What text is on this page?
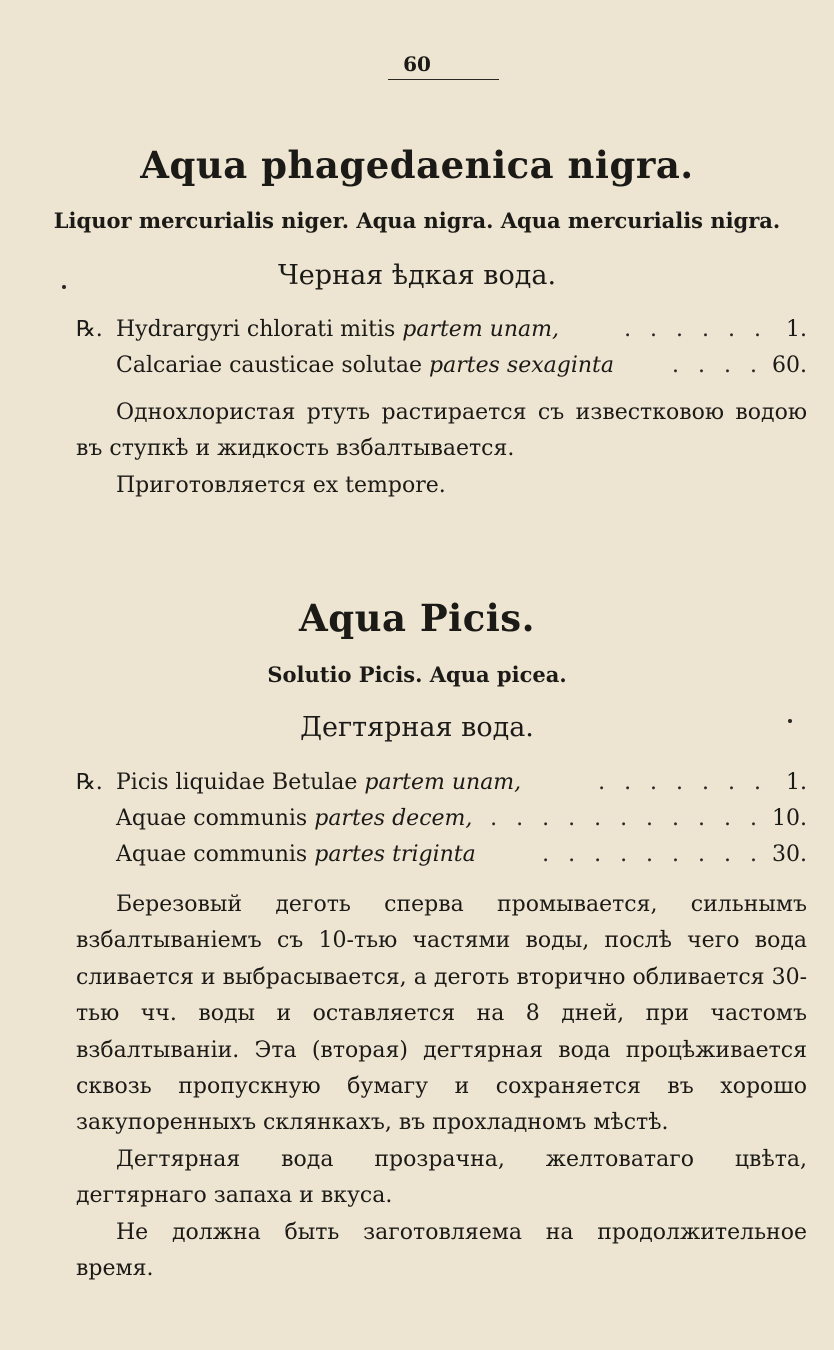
60
Aqua phagedaenica nigra.
Liquor mercurialis niger. Aqua nigra. Aqua mercurialis nigra.
Черная ѣдкая вода.
. . . . . .
℞. Hydrargyri chlorati mitis partem unam,	1.
. . . .
Calcariae causticae solutae partes sexaginta	60.

Однохлористая ртуть растирается съ известковою водою въ ступкѣ и жидкость взбалтывается.

Приготовляется ex tempore.

Aqua Picis.
Solutio Picis. Aqua picea.
Дегтярная вода.
. . . . . . .
℞. Picis liquidae Betulae partem unam,	1.
. . . . . . . . . . .
Aquae communis partes decem,	10.
. . . . . . . . .
Aquae communis partes triginta	30.

Березовый деготь сперва промывается, сильнымъ взбалтываніемъ съ 10-тью частями воды, послѣ чего вода сливается и выбрасывается, а деготь вторично обливается 30-тью чч. воды и оставляется на 8 дней, при частомъ взбалтываніи. Эта (вторая) дегтярная вода процѣживается сквозь пропускную бумагу и сохраняется въ хорошо закупоренныхъ склянкахъ, въ прохладномъ мѣстѣ.

Дегтярная вода прозрачна, желтоватаго цвѣта, дегтярнаго запаха и вкуса.

Не должна быть заготовляема на продолжительное время.
